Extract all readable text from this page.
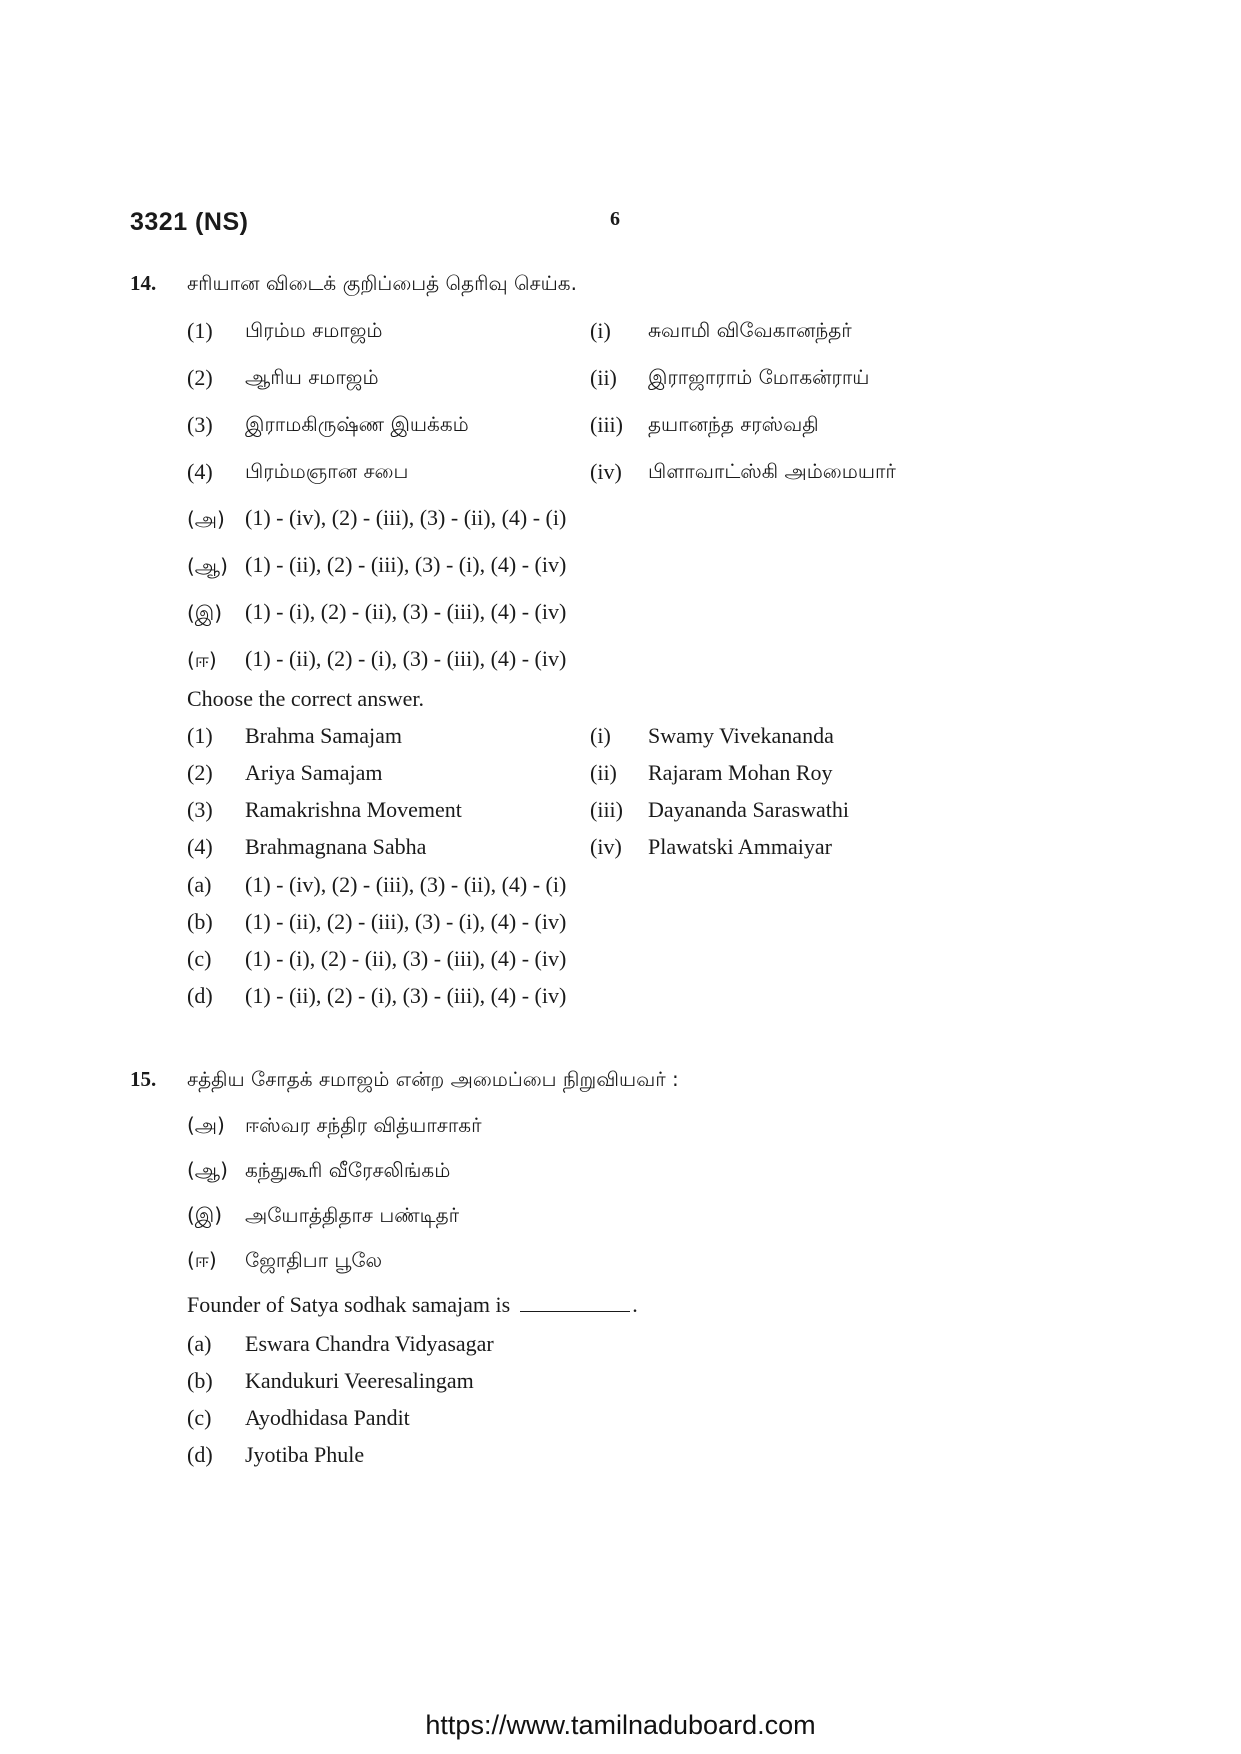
3321 (NS)	6
14. சரியான விடைக் குறிப்பைத் தெரிவு செய்க.
(1) பிரம்ம சமாஜம்	(i) சுவாமி விவேகானந்தர்
(2) ஆரிய சமாஜம்	(ii) இராஜாராம் மோகன்ராய்
(3) இராமகிருஷ்ண இயக்கம்	(iii) தயானந்த சரஸ்வதி
(4) பிரம்மஞான சபை	(iv) பிளாவாட்ஸ்கி அம்மையார்
(அ) (1) - (iv), (2) - (iii), (3) - (ii), (4) - (i)
(ஆ) (1) - (ii), (2) - (iii), (3) - (i), (4) - (iv)
(இ) (1) - (i), (2) - (ii), (3) - (iii), (4) - (iv)
(ஈ) (1) - (ii), (2) - (i), (3) - (iii), (4) - (iv)
Choose the correct answer.
(1) Brahma Samajam	(i) Swamy Vivekananda
(2) Ariya Samajam	(ii) Rajaram Mohan Roy
(3) Ramakrishna Movement	(iii) Dayananda Saraswathi
(4) Brahmagnana Sabha	(iv) Plawatski Ammaiyar
(a) (1) - (iv), (2) - (iii), (3) - (ii), (4) - (i)
(b) (1) - (ii), (2) - (iii), (3) - (i), (4) - (iv)
(c) (1) - (i), (2) - (ii), (3) - (iii), (4) - (iv)
(d) (1) - (ii), (2) - (i), (3) - (iii), (4) - (iv)
15. சத்திய சோதக் சமாஜம் என்ற அமைப்பை நிறுவியவர் :
(அ) ஈஸ்வர சந்திர வித்யாசாகர்
(ஆ) கந்துகூரி வீரேசலிங்கம்
(இ) அயோத்திதாச பண்டிதர்
(ஈ) ஜோதிபா பூலே
Founder of Satya sodhak samajam is	.
(a) Eswara Chandra Vidyasagar
(b) Kandukuri Veeresalingam
(c) Ayodhidasa Pandit
(d) Jyotiba Phule
https://www.tamilnaduboard.com
